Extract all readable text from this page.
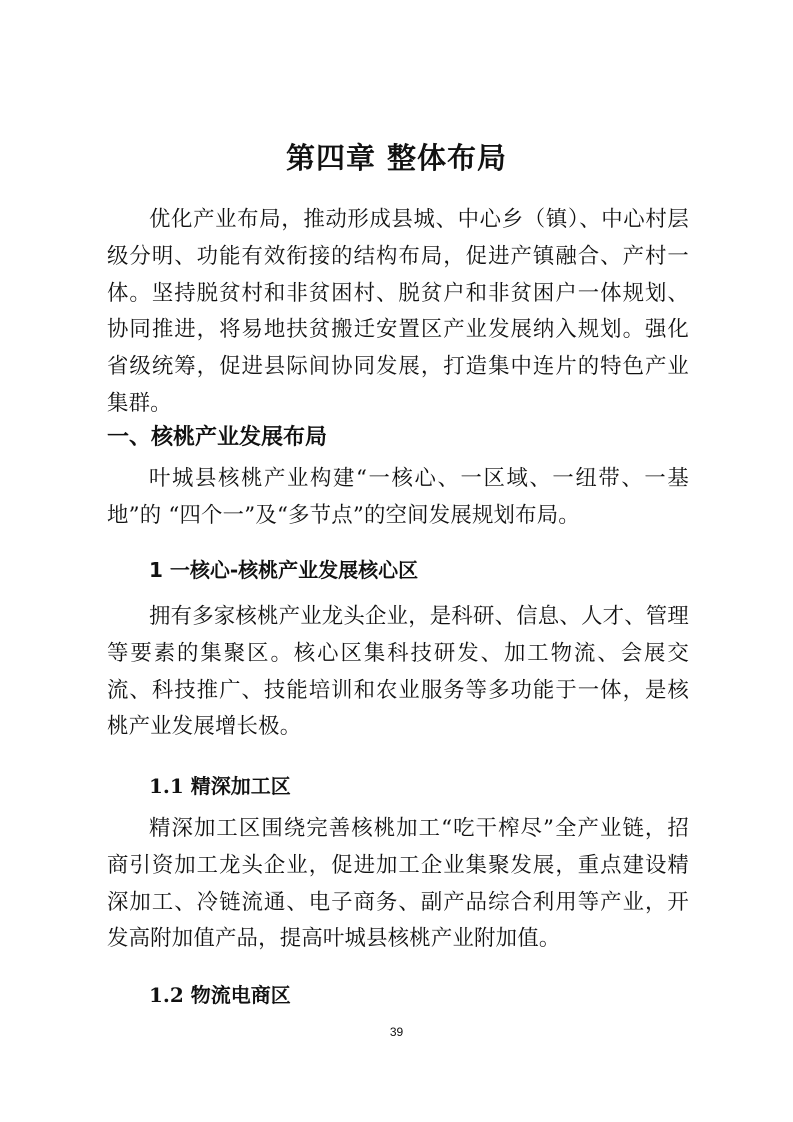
第四章 整体布局

优化产业布局，推动形成县城、中心乡（镇）、中心村层级分明、功能有效衔接的结构布局，促进产镇融合、产村一体。坚持脱贫村和非贫困村、脱贫户和非贫困户一体规划、协同推进，将易地扶贫搬迁安置区产业发展纳入规划。强化省级统筹，促进县际间协同发展，打造集中连片的特色产业集群。

一、核桃产业发展布局

叶城县核桃产业构建“一核心、一区域、一纽带、一基地”的 “四个一”及“多节点”的空间发展规划布局。

1 一核心-核桃产业发展核心区

拥有多家核桃产业龙头企业，是科研、信息、人才、管理等要素的集聚区。核心区集科技研发、加工物流、会展交流、科技推广、技能培训和农业服务等多功能于一体，是核桃产业发展增长极。

1.1 精深加工区

精深加工区围绕完善核桃加工“吃干榨尽”全产业链，招商引资加工龙头企业，促进加工企业集聚发展，重点建设精深加工、冷链流通、电子商务、副产品综合利用等产业，开发高附加值产品，提高叶城县核桃产业附加值。

1.2 物流电商区
39
